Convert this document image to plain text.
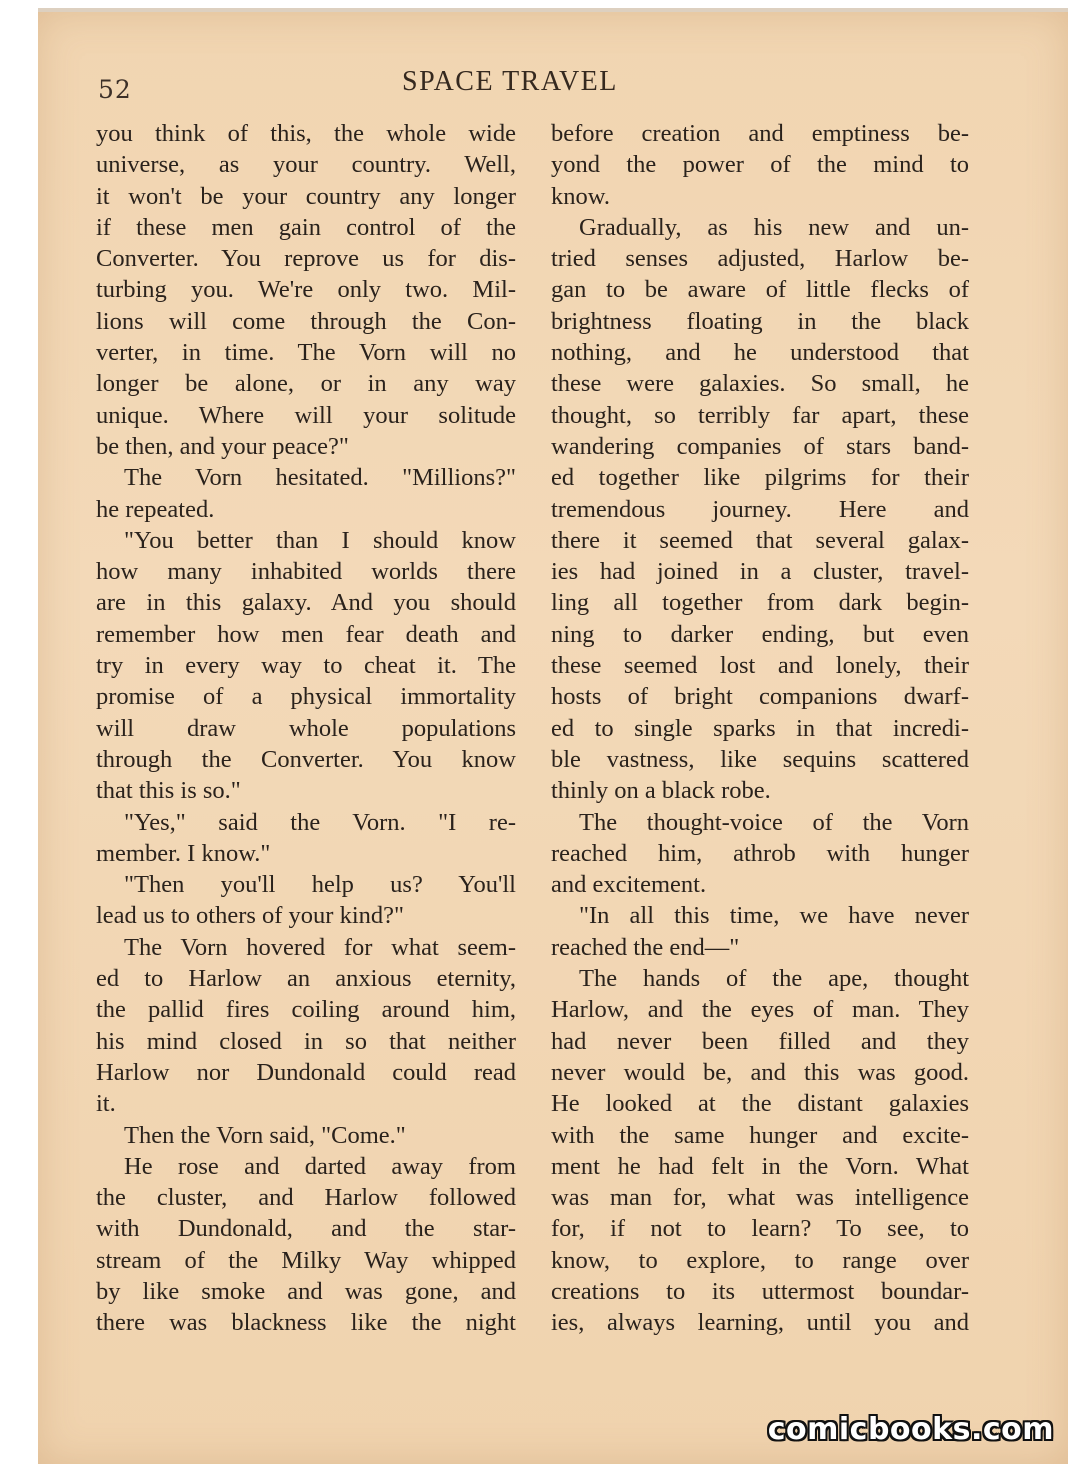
52	SPACE TRAVEL
you think of this, the whole wide
universe, as your country. Well,
it won't be your country any longer
if these men gain control of the
Converter. You reprove us for dis-
turbing you. We're only two. Mil-
lions will come through the Con-
verter, in time. The Vorn will no
longer be alone, or in any way
unique. Where will your solitude
be then, and your peace?"
The Vorn hesitated. "Millions?"
he repeated.
"You better than I should know
how many inhabited worlds there
are in this galaxy. And you should
remember how men fear death and
try in every way to cheat it. The
promise of a physical immortality
will draw whole populations
through the Converter. You know
that this is so."
"Yes," said the Vorn. "I re-
member. I know."
"Then you'll help us? You'll
lead us to others of your kind?"
The Vorn hovered for what seem-
ed to Harlow an anxious eternity,
the pallid fires coiling around him,
his mind closed in so that neither
Harlow nor Dundonald could read
it.
Then the Vorn said, "Come."
He rose and darted away from
the cluster, and Harlow followed
with Dundonald, and the star-
stream of the Milky Way whipped
by like smoke and was gone, and
there was blackness like the night
before creation and emptiness be-
yond the power of the mind to
know.
Gradually, as his new and un-
tried senses adjusted, Harlow be-
gan to be aware of little flecks of
brightness floating in the black
nothing, and he understood that
these were galaxies. So small, he
thought, so terribly far apart, these
wandering companies of stars band-
ed together like pilgrims for their
tremendous journey. Here and
there it seemed that several galax-
ies had joined in a cluster, travel-
ling all together from dark begin-
ning to darker ending, but even
these seemed lost and lonely, their
hosts of bright companions dwarf-
ed to single sparks in that incredi-
ble vastness, like sequins scattered
thinly on a black robe.
The thought-voice of the Vorn
reached him, athrob with hunger
and excitement.
"In all this time, we have never
reached the end—"
The hands of the ape, thought
Harlow, and the eyes of man. They
had never been filled and they
never would be, and this was good.
He looked at the distant galaxies
with the same hunger and excite-
ment he had felt in the Vorn. What
was man for, what was intelligence
for, if not to learn? To see, to
know, to explore, to range over
creations to its uttermost boundar-
ies, always learning, until you and
comicbooks.com
